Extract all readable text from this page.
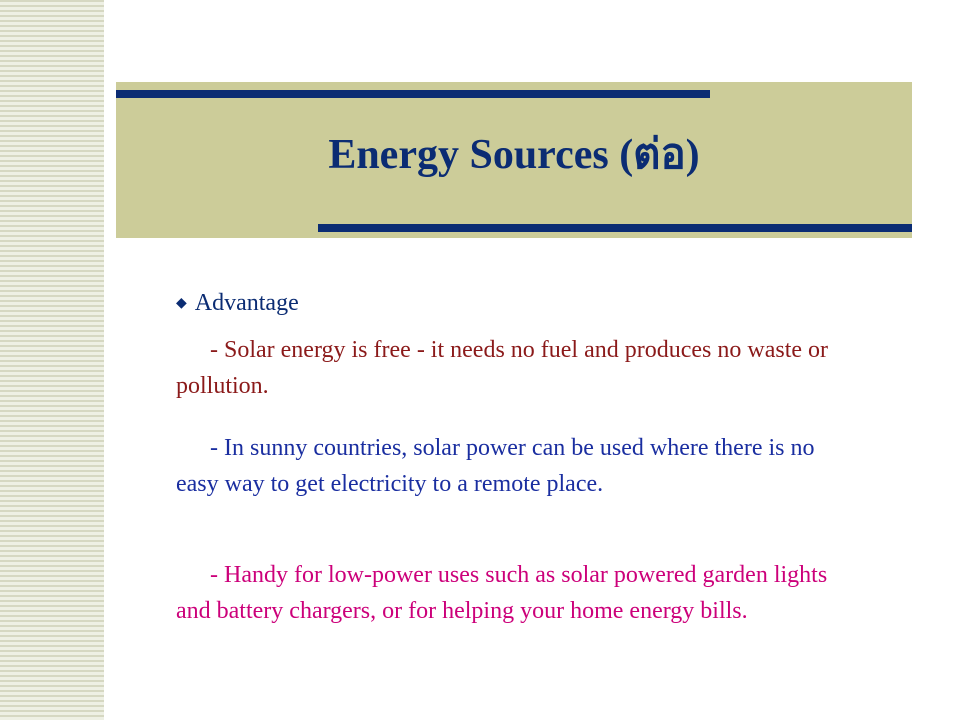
Energy Sources (ต่อ)
◆ Advantage

- Solar energy is free - it needs no fuel and produces no waste or pollution.

- In sunny countries, solar power can be used where there is no easy way to get electricity to a remote place.

- Handy for low-power uses such as solar powered garden lights and battery chargers, or for helping your home energy bills.
